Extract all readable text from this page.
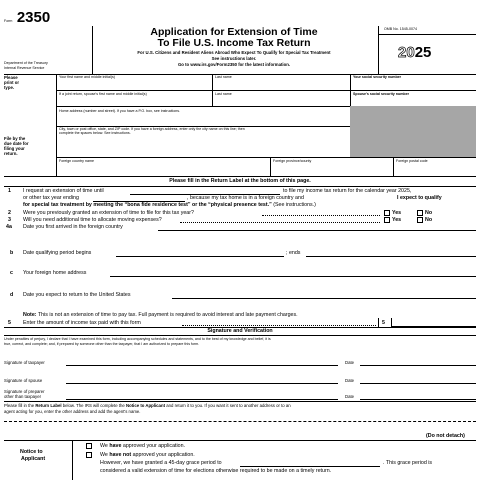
Form 2350
Department of the Treasury
Internal Revenue Service
Application for Extension of Time
To File U.S. Income Tax Return
For U.S. Citizens and Resident Aliens Abroad Who Expect To Qualify for Special Tax Treatment
See instructions later.
Go to www.irs.gov/Form2350 for the latest information.
OMB No. 1545-0074
2025
Please print or type.
File by the due date for filing your return.
Your first name and middle initial(s)	Last name	Your social security number
If a joint return, spouse's first name and middle initial(s)	Last name	Spouse's social security number
Home address (number and street). If you have a P.O. box, see instructions.
City, town or post office, state, and ZIP code. If you have a foreign address, enter only the city name on this line; then
complete the spaces below. See instructions.
Foreign country name	Foreign province/county	Foreign postal code
Please fill in the Return Label at the bottom of this page.
1 I request an extension of time until	to file my income tax return for the calendar year 2025,
or other tax year ending	, because my tax home is in a foreign country and	I expect to qualify
for special tax treatment by meeting the “bona fide residence test” or the “physical presence test.” (See instructions.)
2 Were you previously granted an extension of time to file for this tax year?	Yes	No
3 Will you need additional time to allocate moving expenses?	Yes	No
4a Date you first arrived in the foreign country
b Date qualifying period begins	; ends
c Your foreign home address
d Date you expect to return to the United States
Note: This is not an extension of time to pay tax. Full payment is required to avoid interest and late payment charges.
5 Enter the amount of income tax paid with this form	5
Signature and Verification
Under penalties of perjury, I declare that I have examined this form, including accompanying schedules and statements, and to the best of my knowledge and belief, it is
true, correct, and complete; and, if prepared by someone other than the taxpayer, that I am authorized to prepare this form.
Signature of taxpayer	Date
Signature of spouse	Date
Signature of preparer
other than taxpayer	Date
Please fill in the Return Label below. The IRS will complete the Notice to Applicant and return it to you. If you want it sent to another address or to an
agent acting for you, enter the other address and add the agent's name.
(Do not detach)
Notice to
Applicant
We have approved your application.
We have not approved your application.
However, we have granted a 45-day grace period to	. This grace period is
considered a valid extension of time for elections otherwise required to be made on a timely return.
